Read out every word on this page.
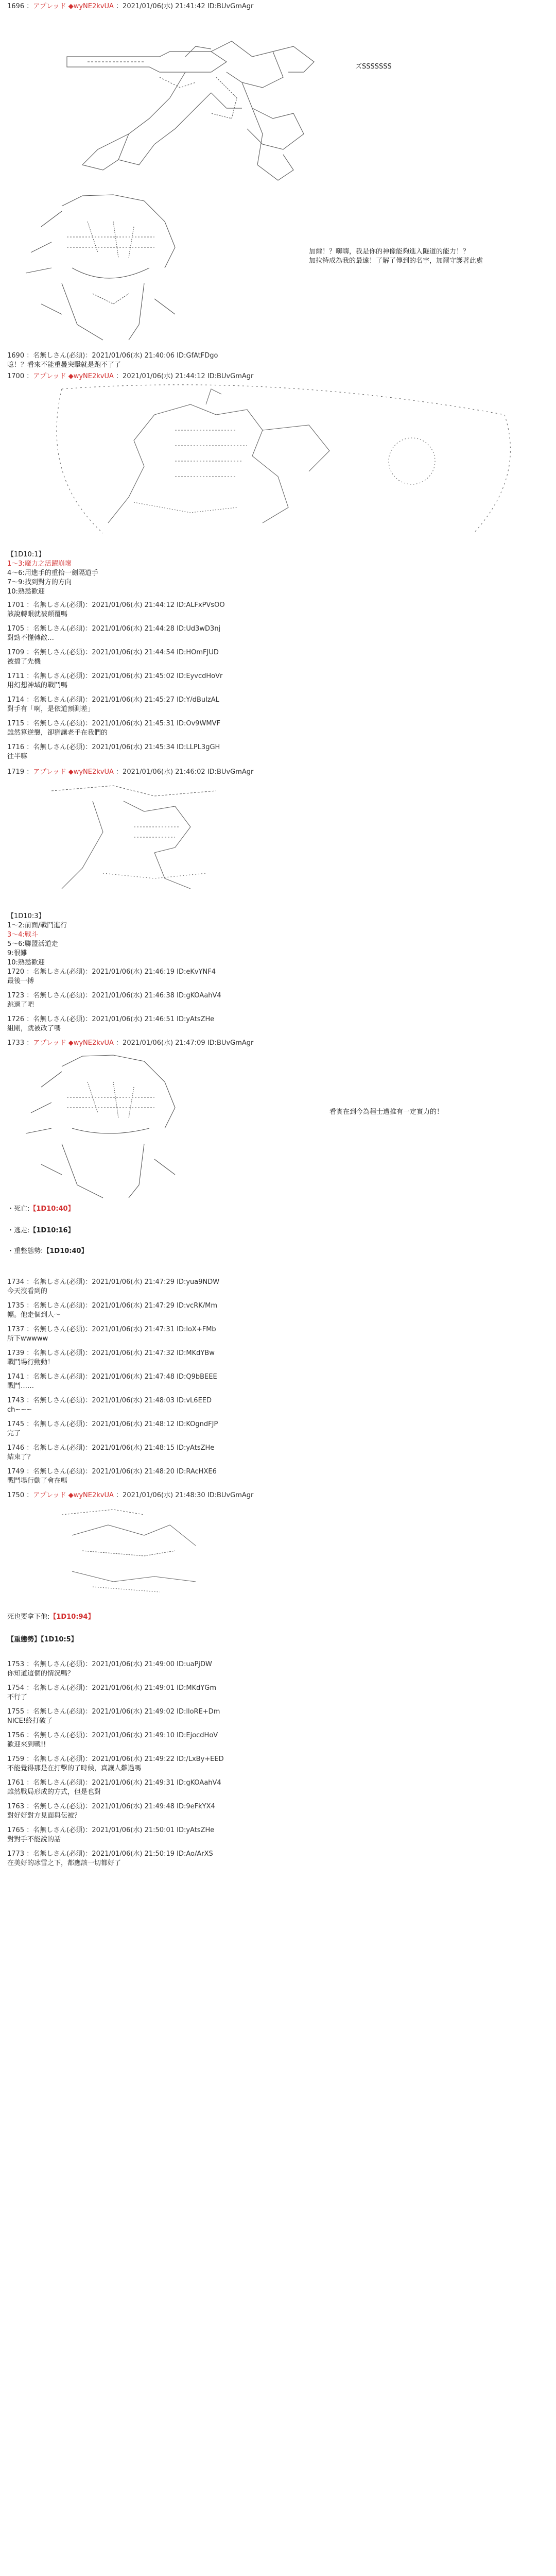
1696 ：アプレッド ◆wyNE2kvUA ：2021/01/06(水) 21:41:42 ID:BUvGmAgr
ズSSSSSSS
加爾！？嗨嗨，我是你的神像能夠進入隧道的能力！？
加拉特成為我的最遠！了解了傳到的名字，加爾守護著此處
1690 ：名無しさん(必須)：2021/01/06(水) 21:40:06 ID:GfAtFDgo
噫！？看來不能重疊突擊就是跑不了了
1700 ：アプレッド ◆wyNE2kvUA ：2021/01/06(水) 21:44:12 ID:BUvGmAgr
【1D10:1】
1～3:魔力之活躍崩壞
4～6:用進手的重拾一劍隔道手
7～9:找到對方的方向
10:熟悉歡迎
1701 ：名無しさん(必須)：2021/01/06(水) 21:44:12 ID:ALFxPVsOO
該說轉眼就被顛覆嗎
1705 ：名無しさん(必須)：2021/01/06(水) 21:44:28 ID:Ud3wD3nj
對勁不懂轉敵…
1709 ：名無しさん(必須)：2021/01/06(水) 21:44:54 ID:HOmFJUD
被擋了先機
1711 ：名無しさん(必須)：2021/01/06(水) 21:45:02 ID:EyvcdHoVr
用幻想神域的戰鬥嗎
1714 ：名無しさん(必須)：2021/01/06(水) 21:45:27 ID:Y/dBuIzAL
對手有「啊，是依道預測差」
1715 ：名無しさん(必須)：2021/01/06(水) 21:45:31 ID:Ov9WMVF
雖然算逆襲，卻猶讓老手在我們的
1716 ：名無しさん(必須)：2021/01/06(水) 21:45:34 ID:LLPL3gGH
往半嘛
1719 ：アプレッド ◆wyNE2kvUA ：2021/01/06(水) 21:46:02 ID:BUvGmAgr
【1D10:3】
1～2:前面/戰鬥進行
3～4:戰斗
5～6:聯盟活道走
9:很難
10:熟悉歡迎
1720 ：名無しさん(必須)：2021/01/06(水) 21:46:19 ID:eKvYNF4
最後一搏
1723 ：名無しさん(必須)：2021/01/06(水) 21:46:38 ID:gKOAahV4
跳過了吧
1726 ：名無しさん(必須)：2021/01/06(水) 21:46:51 ID:yAtsZHe
組剛，就被改了嗎
1733 ：アプレッド ◆wyNE2kvUA ：2021/01/06(水) 21:47:09 ID:BUvGmAgr
看實在到今為程士遭推有一定實力的！
・死亡:【1D10:40】
・逃走:【1D10:16】
・重整態勢:【1D10:40】
1734 ：名無しさん(必須)：2021/01/06(水) 21:47:29 ID:yua9NDW
今天沒看到的
1735 ：名無しさん(必須)：2021/01/06(水) 21:47:29 ID:vcRK/Mm
幅。他走個到人～
1737 ：名無しさん(必須)：2021/01/06(水) 21:47:31 ID:loX+FMb
所下wwwww
1739 ：名無しさん(必須)：2021/01/06(水) 21:47:32 ID:MKdYBw
戰鬥場行動動！
1741 ：名無しさん(必須)：2021/01/06(水) 21:47:48 ID:Q9bBEEE
戰鬥……
1743 ：名無しさん(必須)：2021/01/06(水) 21:48:03 ID:vL6EED
ch~~~
1745 ：名無しさん(必須)：2021/01/06(水) 21:48:12 ID:KOgndFJP
完了
1746 ：名無しさん(必須)：2021/01/06(水) 21:48:15 ID:yAtsZHe
結束了？
1749 ：名無しさん(必須)：2021/01/06(水) 21:48:20 ID:RAcHXE6
戰鬥場行動了會在嗎
1750 ：アプレッド ◆wyNE2kvUA ：2021/01/06(水) 21:48:30 ID:BUvGmAgr
死也要拿下他:【1D10:94】
【重態勢】【1D10:5】
1753 ：名無しさん(必須)：2021/01/06(水) 21:49:00 ID:uaPjDW
你知道這個的情況嗎？
1754 ：名無しさん(必須)：2021/01/06(水) 21:49:01 ID:MKdYGm
不行了
1755 ：名無しさん(必須)：2021/01/06(水) 21:49:02 ID:lloRE+Dm
NICE!終打破了
1756 ：名無しさん(必須)：2021/01/06(水) 21:49:10 ID:EjocdHoV
歡迎來到戰!!
1759 ：名無しさん(必須)：2021/01/06(水) 21:49:22 ID:/LxBy+EED
不能覺得那是在打擊的了時候，真讓人難過嗎
1761 ：名無しさん(必須)：2021/01/06(水) 21:49:31 ID:gKOAahV4
雖然戰局形成的方式，但是也對
1763 ：名無しさん(必須)：2021/01/06(水) 21:49:48 ID:9eFkYX4
對好好對方見面與伝被？
1765 ：名無しさん(必須)：2021/01/06(水) 21:50:01 ID:yAtsZHe
對對手不能說的話
1773 ：名無しさん(必須)：2021/01/06(水) 21:50:19 ID:Ao/ArXS
在美好的冰雪之下，都應該一切都好了
